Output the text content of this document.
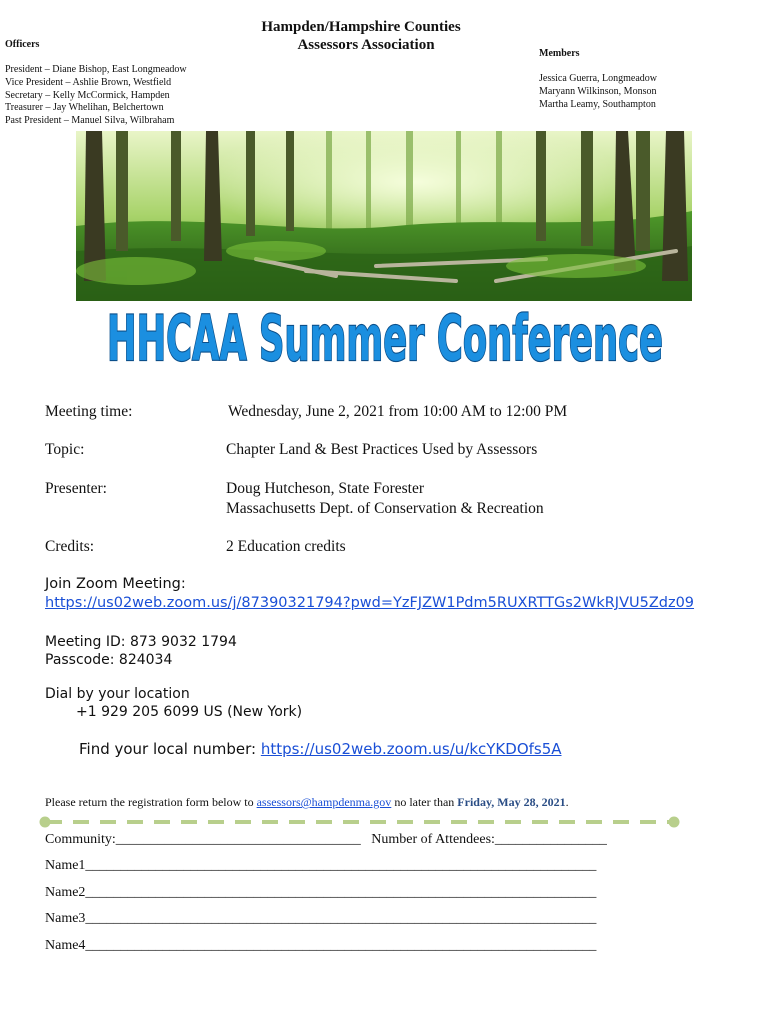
Hampden/Hampshire Counties
Assessors Association
Officers
President – Diane Bishop, East Longmeadow
Vice President – Ashlie Brown, Westfield
Secretary – Kelly McCormick, Hampden
Treasurer – Jay Whelihan, Belchertown
Past President – Manuel Silva, Wilbraham
Members
Jessica Guerra, Longmeadow
Maryann Wilkinson, Monson
Martha Leamy, Southampton
HHCAA Summer Conference
Meeting time:	Wednesday, June 2, 2021 from 10:00 AM to 12:00 PM
Topic:	Chapter Land & Best Practices Used by Assessors
Presenter:	Doug Hutcheson, State Forester
Massachusetts Dept. of Conservation & Recreation
Credits:	2 Education credits
Join Zoom Meeting:
https://us02web.zoom.us/j/87390321794?pwd=YzFJZW1Pdm5RUXRTTGs2WkRJVU5Zdz09
Meeting ID: 873 9032 1794
Passcode: 824034
Dial by your location
+1 929 205 6099 US (New York)
Find your local number: https://us02web.zoom.us/u/kcYKDOfs5A
Please return the registration form below to assessors@hampdenma.gov no later than Friday, May 28, 2021.
Community:___________________________________ Number of Attendees:________________
Name1_________________________________________________________________________
Name2_________________________________________________________________________
Name3_________________________________________________________________________
Name4_________________________________________________________________________
